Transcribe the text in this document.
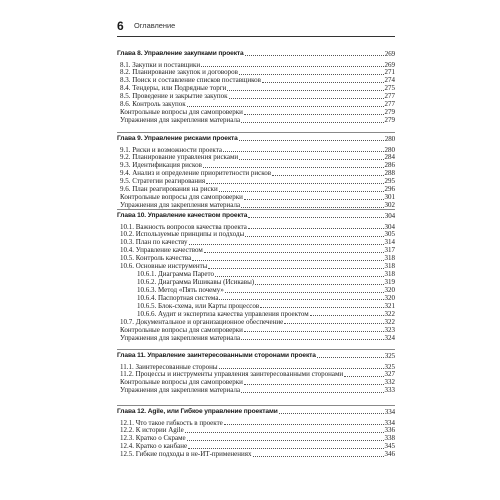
6 Оглавление
Глава 8. Управление закупками проекта	269
8.1. Закупки и поставщики	269
8.2. Планирование закупок и договоров	271
8.3. Поиск и составление списков поставщиков	274
8.4. Тендеры, или Подрядные торги	275
8.5. Проведение и закрытие закупок	277
8.6. Контроль закупок	277
Контрольные вопросы для самопроверки	279
Упражнения для закрепления материала	279
Глава 9. Управление рисками проекта	280
9.1. Риски и возможности проекта	280
9.2. Планирование управления рисками	284
9.3. Идентификация рисков	286
9.4. Анализ и определение приоритетности рисков	288
9.5. Стратегии реагирования	295
9.6. План реагирования на риски	296
Контрольные вопросы для самопроверки	301
Упражнения для закрепления материала	302
Глава 10. Управление качеством проекта	304
10.1. Важность вопросов качества проекта	304
10.2. Используемые принципы и подходы	305
10.3. План по качеству	314
10.4. Управление качеством	317
10.5. Контроль качества	318
10.6. Основные инструменты	318
10.6.1. Диаграмма Парето	318
10.6.2. Диаграмма Ишикавы (Исикавы)	319
10.6.3. Метод «Пять почему»	320
10.6.4. Паспортная система	320
10.6.5. Блок-схема, или Карты процессов	321
10.6.6. Аудит и экспертиза качества управления проектом	322
10.7. Документальное и организационное обеспечение	322
Контрольные вопросы для самопроверки	323
Упражнения для закрепления материала	324
Глава 11. Управление заинтересованными сторонами проекта	325
11.1. Заинтересованные стороны	325
11.2. Процессы и инструменты управления заинтересованными сторонами	327
Контрольные вопросы для самопроверки	332
Упражнения для закрепления материала	333
Глава 12. Agile, или Гибкое управление проектами	334
12.1. Что такое гибкость в проекте	334
12.2. К истории Agile	336
12.3. Кратко о Скраме	338
12.4. Кратко о канбане	345
12.5. Гибкие подходы в не-ИТ-применениях	346
